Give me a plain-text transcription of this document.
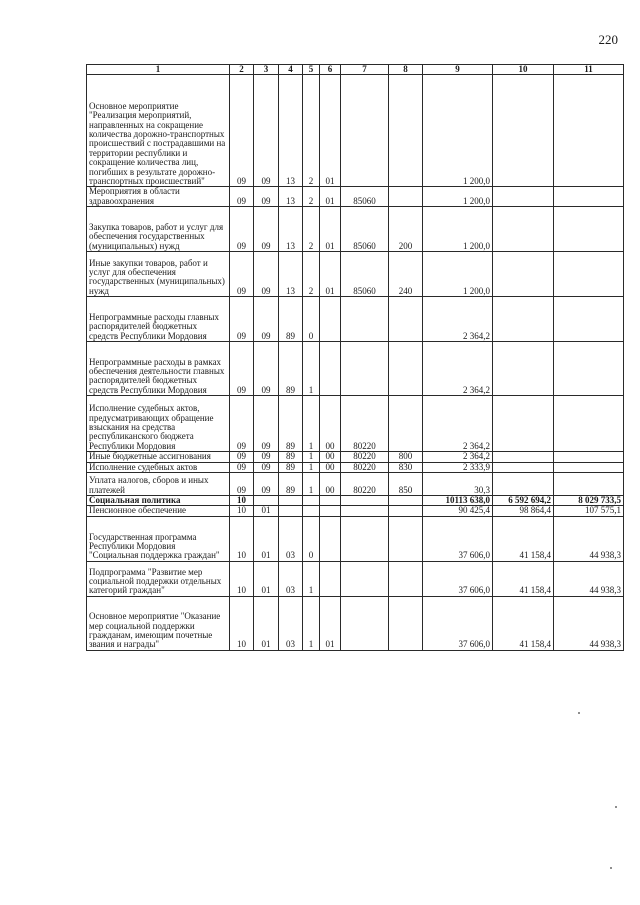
220
1	2	3	4	5	6	7	8	9	10	11
Основное мероприятие "Реализация мероприятий, направленных на сокращение количества дорожно-транспортных происшествий с пострадавшими на территории республики и сокращение количества лиц, погибших в результате дорожно-транспортных происшествий"	09	09	13	2	01			1 200,0		
Мероприятия в области здравоохранения	09	09	13	2	01	85060		1 200,0		
Закупка товаров, работ и услуг для обеспечения государственных (муниципальных) нужд	09	09	13	2	01	85060	200	1 200,0		
Иные закупки товаров, работ и услуг для обеспечения государственных (муниципальных) нужд	09	09	13	2	01	85060	240	1 200,0		
Непрограммные расходы главных распорядителей бюджетных средств Республики Мордовия	09	09	89	0				2 364,2		
Непрограммные расходы в рамках обеспечения деятельности главных распорядителей бюджетных средств Республики Мордовия	09	09	89	1				2 364,2		
Исполнение судебных актов, предусматривающих обращение взыскания на средства республиканского бюджета Республики Мордовия	09	09	89	1	00	80220		2 364,2		
Иные бюджетные ассигнования	09	09	89	1	00	80220	800	2 364,2		
Исполнение судебных актов	09	09	89	1	00	80220	830	2 333,9		
Уплата налогов, сборов и иных платежей	09	09	89	1	00	80220	850	30,3		
Социальная политика	10							10113 638,0	6 592 694,2	8 029 733,5
Пенсионное обеспечение	10	01						90 425,4	98 864,4	107 575,1
Государственная программа Республики Мордовия "Социальная поддержка граждан"	10	01	03	0				37 606,0	41 158,4	44 938,3
Подпрограмма "Развитие мер социальной поддержки отдельных категорий граждан"	10	01	03	1				37 606,0	41 158,4	44 938,3
Основное мероприятие "Оказание мер социальной поддержки гражданам, имеющим почетные звания и награды"	10	01	03	1	01			37 606,0	41 158,4	44 938,3
